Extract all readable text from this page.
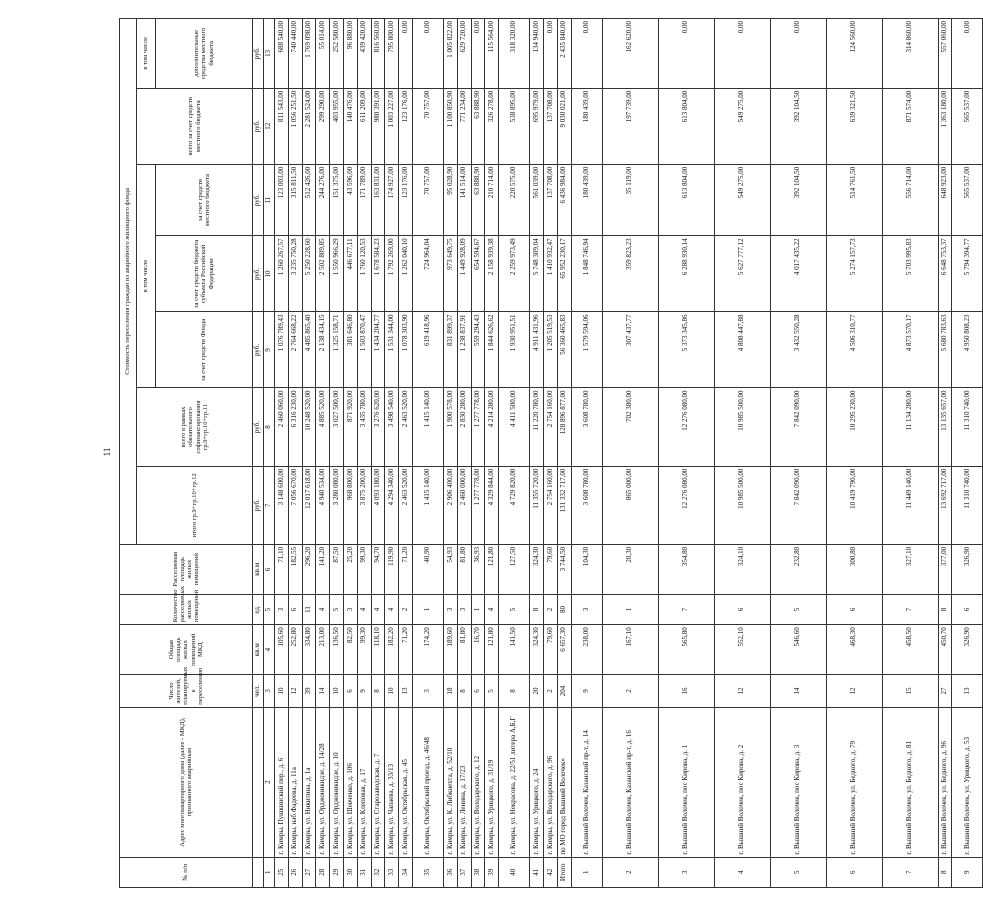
11
№ п/п	Адрес многоквартирного дома (далее - МКД), признанного аварийным	Число жителей, планируемых к переселению	Общая площадь жилых помещений МКД	Количество расселяемых жилых помещений	Расселяемая площадь жилых помещений	Стоимость переселения граждан из аварийного жилищного фонда						
						итого гр.9+гр.10+гр.12	всего в рамках обязательного софинансирования гр.9+гр.10+гр.11	в том числе			всего за счет средств местного бюджета	в том числе
								за счет средств Фонда	за счет средств бюджета субъекта Российской Федерации	за счет средств местного бюджета		дополнительные средства местного бюджета
		чел.	кв.м	ед.	кв.м	руб.	руб.	руб.	руб.	руб.	руб.	руб.
1	2	3	4	5	6	7	8	9	10	11	12	13
25	г. Кимры, Пушкинский пер., д. 6	10	105,60	3	71,10	3 148 600,00	2 460 060,00	1 076 789,43	1 260 267,57	123 003,00	811 543,00	688 540,00
26	г. Кимры, наб.Фадеева, д. 11а	12	252,80	6	182,55	7 056 670,00	6 316 230,00	2 764 668,22	3 235 750,28	315 811,50	1 056 251,50	740 440,00
27	г. Кимры, ул. Никитина, д. 1а	39	334,80	11	296,20	12 017 618,00	10 248 520,00	4 485 865,40	5 250 228,60	512 426,00	2 281 524,00	1 769 098,00
28	г. Кимры, ул. Орджоникидзе, д. 14/28	14	213,00	4	141,20	4 940 534,00	4 885 520,00	2 138 434,15	2 502 809,85	244 276,00	299 290,00	55 014,00
29	г. Кимры, ул. Орджоникидзе, д. 10	10	136,50	5	87,50	3 280 080,00	3 027 500,00	1 325 158,71	1 550 966,29	151 375,00	403 955,00	252 580,00
30	г. Кимры, ул. Шевченко, д. 106	6	82,50	3	25,20	968 800,00	871 920,00	381 646,80	446 677,11	43 596,00	140 476,00	96 880,00
31	г. Кимры, ул. Клеповая, д. 17	9	99,30	4	99,30	3 875 200,00	3 435 780,00	1 503 870,47	1 760 120,53	171 789,00	611 209,00	439 420,00
32	г. Кимры, ул. Старозаводская, д. 7	8	118,10	4	94,70	4 093 180,00	3 276 620,00	1 434 204,77	1 678 584,23	163 831,00	980 391,00	816 560,00
33	г. Кимры, ул. Чапаева, д. 33/13	10	182,20	4	119,90	4 294 340,00	3 498 540,00	1 531 344,00	1 792 269,00	174 927,00	1 003 227,00	795 800,00
34	г. Кимры, ул. Октябрьская, д. 45	13	71,20	2	71,20	2 463 520,00	2 463 520,00	1 078 303,90	1 262 040,10	123 176,00	123 176,00	0,00
35	г. Кимры, Октябрьский проезд, д. 46/48	3	174,20	1	40,90	1 415 140,00	1 415 140,00	619 418,96	724 964,04	70 757,00	70 757,00	0,00
36	г. Кимры, ул. К. Либкнехта, д. 52/10	18	189,60	3	54,93	2 906 400,00	1 900 578,00	831 899,37	973 649,75	95 028,90	1 100 850,90	1 005 822,00
37	г. Кимры, ул. Ленина, д. 17/23	8	81,80	3	81,80	2 460 000,00	2 830 280,00	1 238 837,91	1 449 928,09	141 514,00	771 234,00	629 720,00
38	г. Кимры, ул. Володарского, д. 12	6	16,70	1	36,93	1 277 778,00	1 277 778,00	559 294,43	654 594,67	63 888,90	63 888,90	0,00
39	г. Кимры, ул. Урицкого, д. 31/19	5	121,80	4	121,80	4 329 844,00	4 214 280,00	1 844 626,62	2 158 939,38	210 714,00	326 278,00	115 564,00
40	г. Кимры, ул. Некрасова, д. 22/51 литера А,Б,Г	8	141,50	5	127,50	4 729 820,00	4 411 500,00	1 930 951,51	2 259 973,49	220 575,00	538 895,00	318 320,00
41	г. Кимры, ул. Урицкого, д. 24	20	324,30	8	324,30	11 355 720,00	11 220 780,00	4 911 431,96	5 748 309,04	561 039,00	695 979,00	134 940,00
42	г. Кимры, ул. Володарского, д. 96	2	79,60	2	79,60	2 754 160,00	2 754 160,00	1 205 519,53	1 410 932,47	137 708,00	137 708,00	0,00
Итого	по МО город Вышний Волочек»	204	6 657,30	80	3 744,50	131 332 717,00	128 896 877,00	56 360 465,83	65 952 230,17	6 436 984,00	9 030 021,00	2 435 840,00
1	г. Вышний Волочек, Казанский пр-т, д. 14	9	238,00	3	104,30	3 608 780,00	3 608 780,00	1 579 594,06	1 848 746,94	180 439,00	180 439,00	0,00
2	г. Вышний Волочек, Казанский пр-т, д. 16	2	167,10	1	20,30	865 000,00	702 380,00	307 437,77	359 823,23	35 119,00	197 739,00	162 620,00
3	г. Вышний Волочек, пос Кирова, д. 1	16	565,80	7	354,80	12 276 080,00	12 276 080,00	5 373 345,86	6 288 930,14	613 804,00	613 804,00	0,00
4	г. Вышний Волочек, пос Кирова, д. 2	12	552,10	6	324,10	10 985 500,00	10 985 500,00	4 808 447,88	5 627 777,12	549 275,00	549 275,00	0,00
5	г. Вышний Волочек, пос Кирова, д. 3	14	546,60	5	232,80	7 842 090,00	7 842 090,00	3 432 550,28	4 017 435,22	392 104,50	392 104,50	0,00
6	г. Вышний Волочек, ул. Бедного, д. 79	12	468,30	6	300,80	10 419 790,00	10 295 230,00	4 506 310,77	5 274 157,73	514 761,50	639 321,50	124 560,00
7	г. Вышний Волочек, ул. Бедного, д. 81	15	458,50	7	327,10	11 449 140,00	11 134 280,00	4 873 570,17	5 703 995,83	556 714,00	871 574,00	314 860,00
8	г. Вышний Волочек, ул. Бедного, д. 96	27	450,70	8	377,00	13 692 717,00	13 135 657,00	5 680 783,63	6 648 753,37	648 923,00	1 363 180,00	557 060,00
9	г. Вышний Волочек, ул. Урицкого, д. 53	13	326,90	6	326,90	11 310 740,00	11 310 740,00	4 950 808,23	5 794 394,77	565 537,00	565 537,00	0,00
